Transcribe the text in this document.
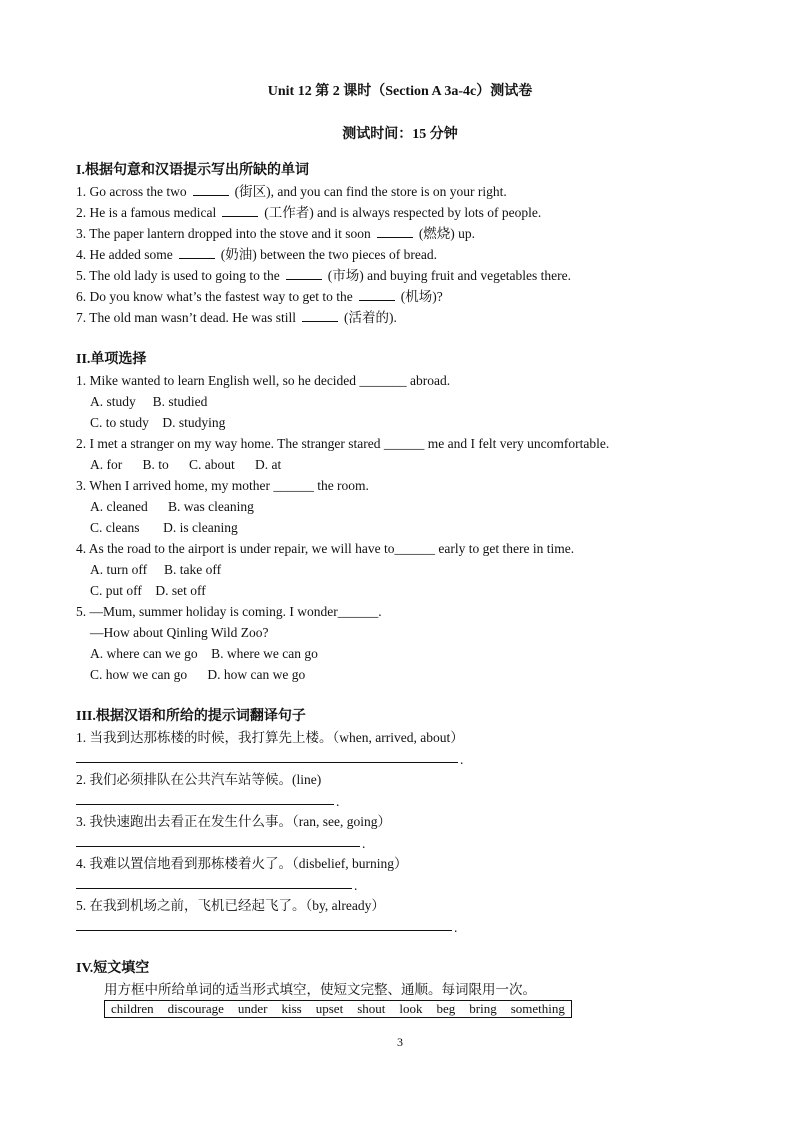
Unit 12 第 2 课时（Section A 3a-4c）测试卷
测试时间：15 分钟
I.根据句意和汉语提示写出所缺的单词
1. Go across the two	(街区), and you can find the store is on your right.
2. He is a famous medical	(工作者) and is always respected by lots of people.
3. The paper lantern dropped into the stove and it soon	(燃烧) up.
4. He added some	(奶油) between the two pieces of bread.
5. The old lady is used to going to the	(市场) and buying fruit and vegetables there.
6. Do you know what’s the fastest way to get to the	(机场)?
7. The old man wasn’t dead. He was still	(活着的).
II.单项选择
1. Mike wanted to learn English well, so he decided _______ abroad.
A. study     B. studied
C. to study    D. studying
2. I met a stranger on my way home. The stranger stared ______ me and I felt very uncomfortable.
A. for      B. to      C. about      D. at
3. When I arrived home, my mother ______ the room.
A. cleaned      B. was cleaning
C. cleans       D. is cleaning
4. As the road to the airport is under repair, we will have to______ early to get there in time.
A. turn off     B. take off
C. put off    D. set off
5. —Mum, summer holiday is coming. I wonder______.
—How about Qinling Wild Zoo?
A. where can we go    B. where we can go
C. how we can go      D. how can we go
III.根据汉语和所给的提示词翻译句子
1. 当我到达那栋楼的时候，我打算先上楼。（when, arrived, about）
.
2. 我们必须排队在公共汽车站等候。(line)
.
3. 我快速跑出去看正在发生什么事。（ran, see, going）
.
4. 我难以置信地看到那栋楼着火了。（disbelief, burning）
.
5. 在我到机场之前，飞机已经起飞了。（by, already）
.
IV.短文填空
用方框中所给单词的适当形式填空，使短文完整、通顺。每词限用一次。
children discourage under kiss upset shout look beg bring something
3
